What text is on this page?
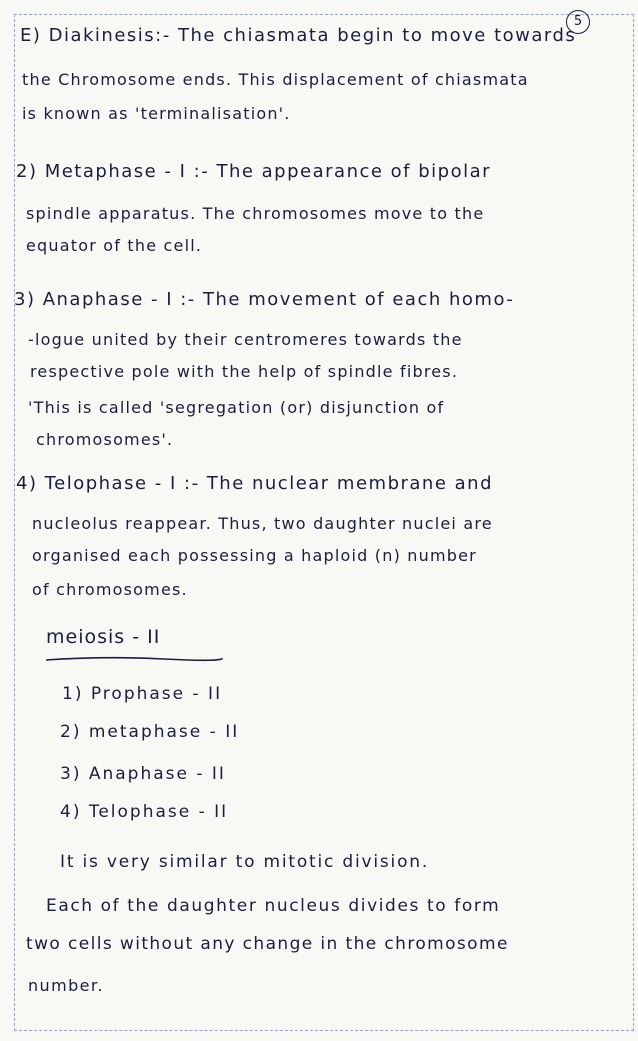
5
E) Diakinesis:- The chiasmata begin to move towards
the Chromosome ends. This displacement of chiasmata
is known as 'terminalisation'.
2) Metaphase - I :- The appearance of bipolar
spindle apparatus. The chromosomes move to the
equator of the cell.
3) Anaphase - I :- The movement of each homo-
-logue united by their centromeres towards the
respective pole with the help of spindle fibres.
'This is called 'segregation (or) disjunction of
chromosomes'.
4) Telophase - I :- The nuclear membrane and
nucleolus reappear. Thus, two daughter nuclei are
organised each possessing a haploid (n) number
of chromosomes.
meiosis - II
1) Prophase - II
2) metaphase - II
3) Anaphase - II
4) Telophase - II
It is very similar to mitotic division.
Each of the daughter nucleus divides to form
two cells without any change in the chromosome
number.
